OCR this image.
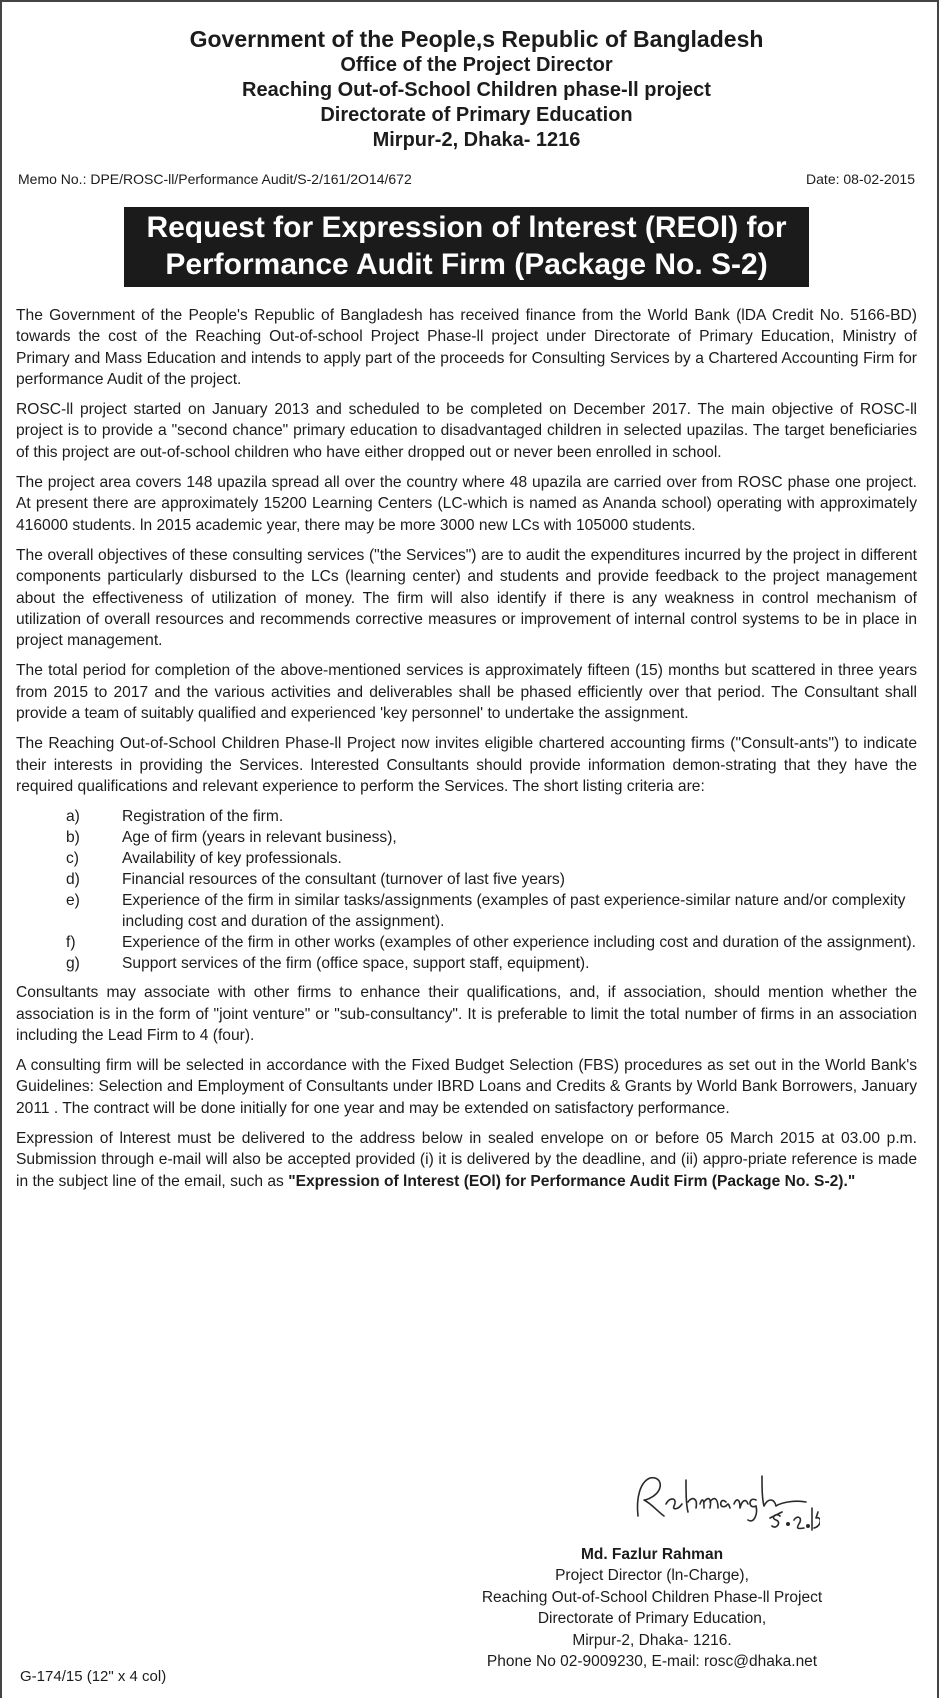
Government of the People,s Republic of Bangladesh
Office of the Project Director
Reaching Out-of-School Children phase-ll project
Directorate of Primary Education
Mirpur-2, Dhaka- 1216
Memo No.: DPE/ROSC-ll/Performance Audit/S-2/161/2O14/672	Date: 08-02-2015
Request for Expression of lnterest (REOl) for
Performance Audit Firm (Package No. S-2)

The Government of the People's Republic of Bangladesh has received finance from the World Bank (lDA Credit No. 5166-BD) towards the cost of the Reaching Out-of-school Project Phase-ll project under Directorate of Primary Education, Ministry of Primary and Mass Education and intends to apply part of the proceeds for Consulting Services by a Chartered Accounting Firm for performance Audit of the project.

ROSC-ll project started on January 2013 and scheduled to be completed on December 2017. The main objective of ROSC-ll project is to provide a "second chance" primary education to disadvantaged children in selected upazilas. The target beneficiaries of this project are out-of-school children who have either dropped out or never been enrolled in school.

The project area covers 148 upazila spread all over the country where 48 upazila are carried over from ROSC phase one project. At present there are approximately 15200 Learning Centers (LC-which is named as Ananda school) operating with approximately 416000 students. ln 2015 academic year, there may be more 3000 new LCs with 105000 students.

The overall objectives of these consulting services ("the Services") are to audit the expenditures incurred by the project in different components particularly disbursed to the LCs (learning center) and students and provide feedback to the project management about the effectiveness of utilization of money. The firm will also identify if there is any weakness in control mechanism of utilization of overall resources and recommends corrective measures or improvement of internal control systems to be in place in project management.

The total period for completion of the above-mentioned services is approximately fifteen (15) months but scattered in three years from 2015 to 2017 and the various activities and deliverables shall be phased efficiently over that period. The Consultant shall provide a team of suitably qualified and experienced 'key personnel' to undertake the assignment.

The Reaching Out-of-School Children Phase-ll Project now invites eligible chartered accounting firms ("Consult-ants") to indicate their interests in providing the Services. lnterested Consultants should provide information demon-strating that they have the required qualifications and relevant experience to perform the Services. The short listing criteria are:

a)	Registration of the firm.
b)	Age of firm (years in relevant business),
c)	Availability of key professionals.
d)	Financial resources of the consultant (turnover of last five years)
e)	Experience of the firm in similar tasks/assignments (examples of past experience-similar nature and/or complexity including cost and duration of the assignment).
f)	Experience of the firm in other works (examples of other experience including cost and duration of the assignment).
g)	Support services of the firm (office space, support staff, equipment).

Consultants may associate with other firms to enhance their qualifications, and, if association, should mention whether the association is in the form of "joint venture" or "sub-consultancy". It is preferable to limit the total number of firms in an association including the Lead Firm to 4 (four).

A consulting firm will be selected in accordance with the Fixed Budget Selection (FBS) procedures as set out in the World Bank's Guidelines: Selection and Employment of Consultants under IBRD Loans and Credits & Grants by World Bank Borrowers, January 2011 . The contract will be done initially for one year and may be extended on satisfactory performance.

Expression of lnterest must be delivered to the address below in sealed envelope on or before 05 March 2015 at 03.00 p.m. Submission through e-mail will also be accepted provided (i) it is delivered by the deadline, and (ii) appro-priate reference is made in the subject line of the email, such as "Expression of lnterest (EOl) for Performance Audit Firm (Package No. S-2)."

Md. Fazlur Rahman
Project Director (ln-Charge),
Reaching Out-of-School Children Phase-ll Project
Directorate of Primary Education,
Mirpur-2, Dhaka- 1216.
Phone No 02-9009230, E-mail: rosc@dhaka.net
G-174/15 (12" x 4 col)
